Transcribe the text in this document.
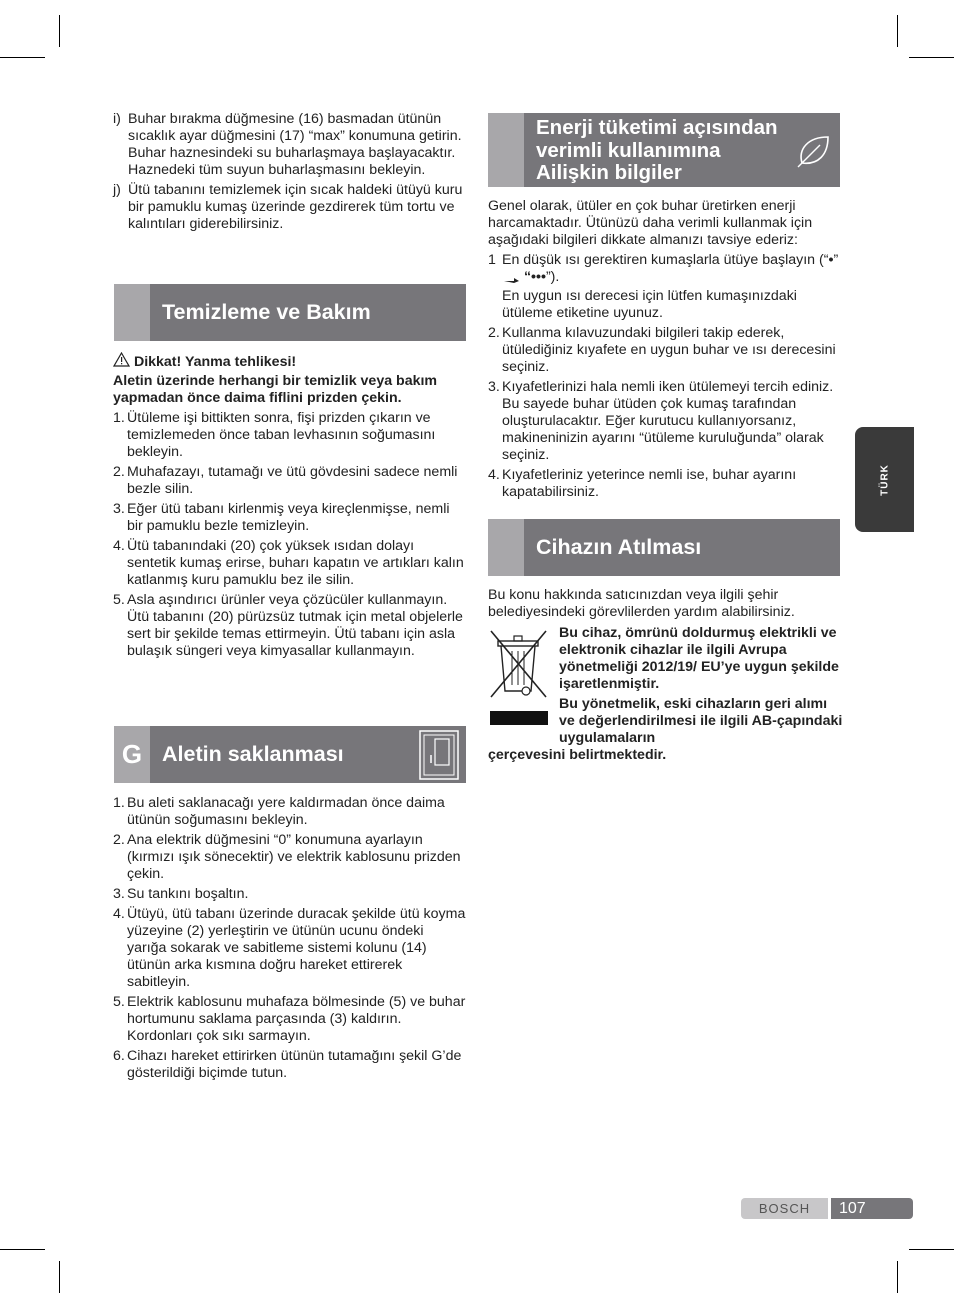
i) Buhar bırakma düğmesine (16) basmadan ütünün sıcaklık ayar düğmesini (17) “max” konumuna getirin. Buhar haznesindeki su buharlaşmaya başlayacaktır. Haznedeki tüm suyun buharlaşmasını bekleyin.
j) Ütü tabanını temizlemek için sıcak haldeki ütüyü kuru bir pamuklu kumaş üzerinde gezdirerek tüm tortu ve kalıntıları giderebilirsiniz.
Temizleme ve Bakım
Dikkat! Yanma tehlikesi!
Aletin üzerinde herhangi bir temizlik veya bakım yapmadan önce daima fiflini prizden çekin.
1. Ütüleme işi bittikten sonra, fişi prizden çıkarın ve temizlemeden önce taban levhasının soğumasını bekleyin.
2. Muhafazayı, tutamağı ve ütü gövdesini sadece nemli bezle silin.
3. Eğer ütü tabanı kirlenmiş veya kireçlenmişse, nemli bir pamuklu bezle temizleyin.
4. Ütü tabanındaki (20) çok yüksek ısıdan dolayı sentetik kumaş erirse, buharı kapatın ve artıkları kalın katlanmış kuru pamuklu bez ile silin.
5. Asla aşındırıcı ürünler veya çözücüler kullanmayın. Ütü tabanını (20) pürüzsüz tutmak için metal objelerle sert bir şekilde temas ettirmeyin. Ütü tabanı için asla bulaşık süngeri veya kimyasallar kullanmayın.
G Aletin saklanması
1. Bu aleti saklanacağı yere kaldırmadan önce daima ütünün soğumasını bekleyin.
2. Ana elektrik düğmesini “0” konumuna ayarlayın (kırmızı ışık sönecektir) ve elektrik kablosunu prizden çekin.
3. Su tankını boşaltın.
4. Ütüyü, ütü tabanı üzerinde duracak şekilde ütü koyma yüzeyine (2) yerleştirin ve ütünün ucunu öndeki yarığa sokarak ve sabitleme sistemi kolunu (14) ütünün arka kısmına doğru hareket ettirerek sabitleyin.
5. Elektrik kablosunu muhafaza bölmesinde (5) ve buhar hortumunu saklama parçasında (3) kaldırın. Kordonları çok sıkı sarmayın.
6. Cihazı hareket ettirirken ütünün tutamağını şekil G’de gösterildiği biçimde tutun.
Enerji tüketimi açısından
verimli kullanımına
Ailişkin bilgiler
Genel olarak, ütüler en çok buhar üretirken enerji harcamaktadır. Ütünüzü daha verimli kullanmak için aşağıdaki bilgileri dikkate almanızı tavsiye ederiz:
1 En düşük ısı gerektiren kumaşlarla ütüye başlayın (“•”  “•••”).
En uygun ısı derecesi için lütfen kumaşınızdaki ütüleme etiketine uyunuz.
2. Kullanma kılavuzundaki bilgileri takip ederek, ütülediğiniz kıyafete en uygun buhar ve ısı derecesini seçiniz.
3. Kıyafetlerinizi hala nemli iken ütülemeyi tercih ediniz. Bu sayede buhar ütüden çok kumaş tarafından oluşturulacaktır. Eğer kurutucu kullanıyorsanız, makineninizin ayarını “ütüleme kuruluğunda” olarak seçiniz.
4. Kıyafetleriniz yeterince nemli ise, buhar ayarını kapatabilirsiniz.
Cihazın Atılması
Bu konu hakkında satıcınızdan veya ilgili şehir belediyesindeki görevlilerden yardım alabilirsiniz.
Bu cihaz, ömrünü doldurmuş elektrikli ve elektronik cihazlar ile ilgili Avrupa yönetmeliği 2012/19/ EU’ye uygun şekilde işaretlenmiştir.
Bu yönetmelik, eski cihazların geri alımı ve değerlendirilmesi ile ilgili AB-çapındaki uygulamaların
çerçevesini belirtmektedir.
TÜRK
BOSCH	107
